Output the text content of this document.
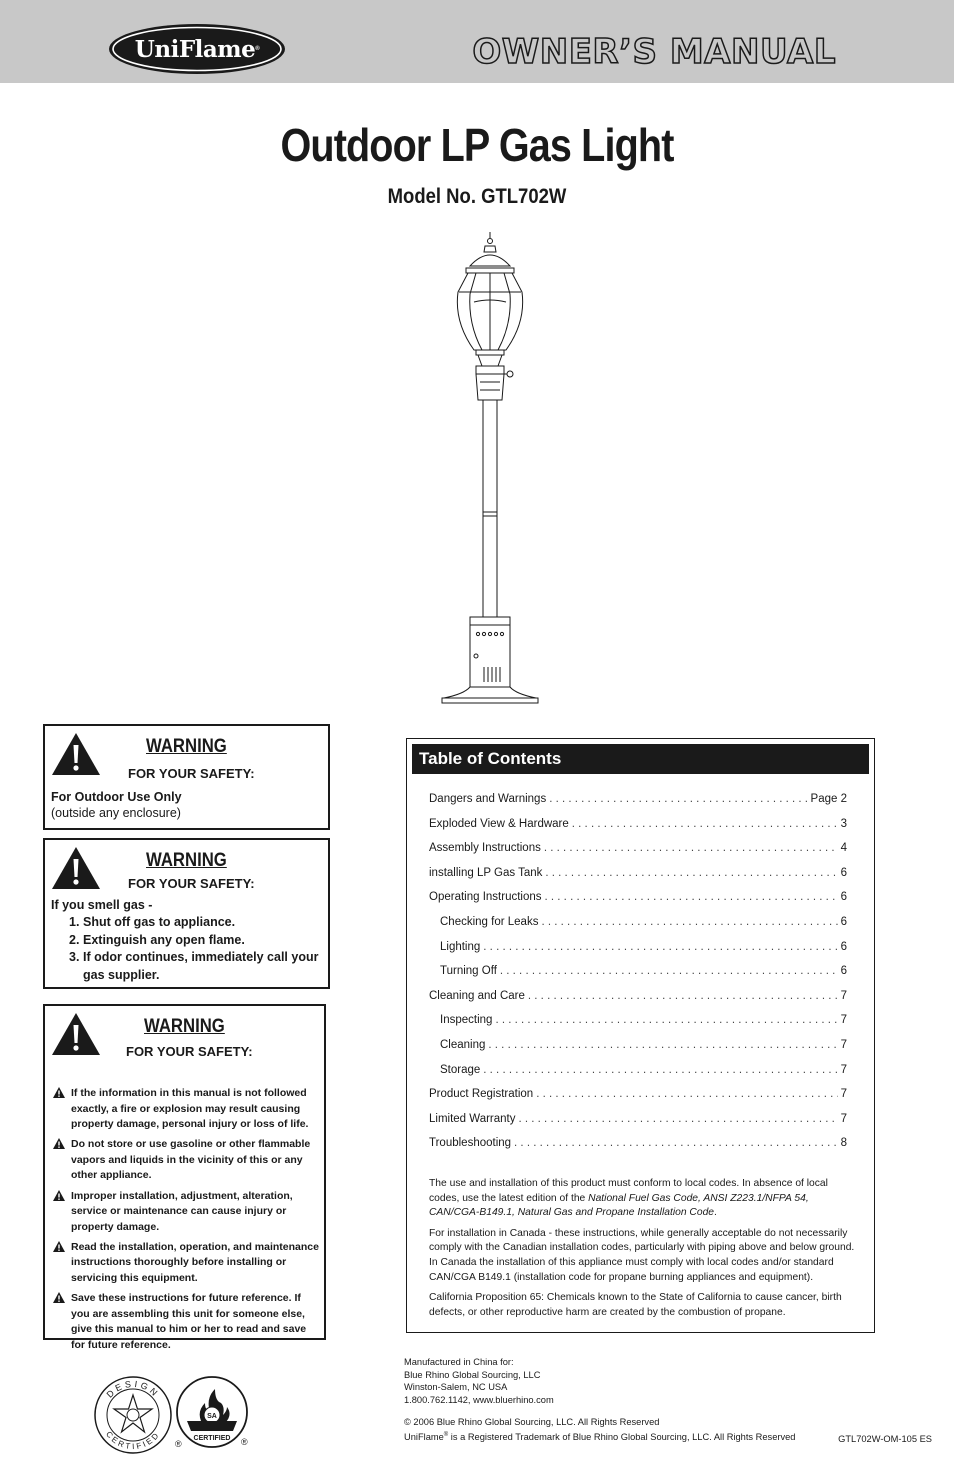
UniFlame ®	OWNER’S MANUAL
Outdoor LP Gas Light
Model No. GTL702W
WARNING
FOR YOUR SAFETY:
For Outdoor Use Only
(outside any enclosure)
WARNING
FOR YOUR SAFETY:
If you smell gas -
1. Shut off gas to appliance.
2. Extinguish any open flame.
3. If odor continues, immediately call your gas supplier.
WARNING
FOR YOUR SAFETY:
If the information in this manual is not followed exactly, a fire or explosion may result causing property damage, personal injury or loss of life.
Do not store or use gasoline or other flammable vapors and liquids in the vicinity of this or any other appliance.
Improper installation, adjustment, alteration, service or maintenance can cause injury or property damage.
Read the installation, operation, and maintenance instructions thoroughly before installing or servicing this equipment.
Save these instructions for future reference. If you are assembling this unit for someone else, give this manual to him or her to read and save for future reference.
Table of Contents
Dangers and Warnings . . .	Page 2
Exploded View & Hardware . . .	3
Assembly Instructions . . .	4
installing LP Gas Tank . . .	6
Operating Instructions . . .	6
Checking for Leaks . . .	6
Lighting . . .	6
Turning Off . . .	6
Cleaning and Care . . .	7
Inspecting . . .	7
Cleaning . . .	7
Storage . . .	7
Product Registration . . .	7
Limited Warranty . . .	7
Troubleshooting . . .	8

The use and installation of this product must conform to local codes. In absence of local codes, use the latest edition of the National Fuel Gas Code, ANSI Z223.1/NFPA 54, CAN/CGA-B149.1, Natural Gas and Propane Installation Code.

For installation in Canada - these instructions, while generally acceptable do not necessarily comply with the Canadian installation codes, particularly with piping above and below ground. In Canada the installation of this appliance must comply with local codes and/or standard CAN/CGA B149.1 (installation code for propane burning appliances and equipment).

California Proposition 65: Chemicals known to the State of California to cause cancer, birth defects, or other reproductive harm are created by the combustion of propane.

DESIGN
CERTIFIED
®
SA
CERTIFIED ®
Manufactured in China for:
Blue Rhino Global Sourcing, LLC
Winston-Salem, NC USA
1.800.762.1142, www.bluerhino.com
© 2006 Blue Rhino Global Sourcing, LLC. All Rights Reserved
UniFlame® is a Registered Trademark of Blue Rhino Global Sourcing, LLC. All Rights Reserved	GTL702W-OM-105 ES
